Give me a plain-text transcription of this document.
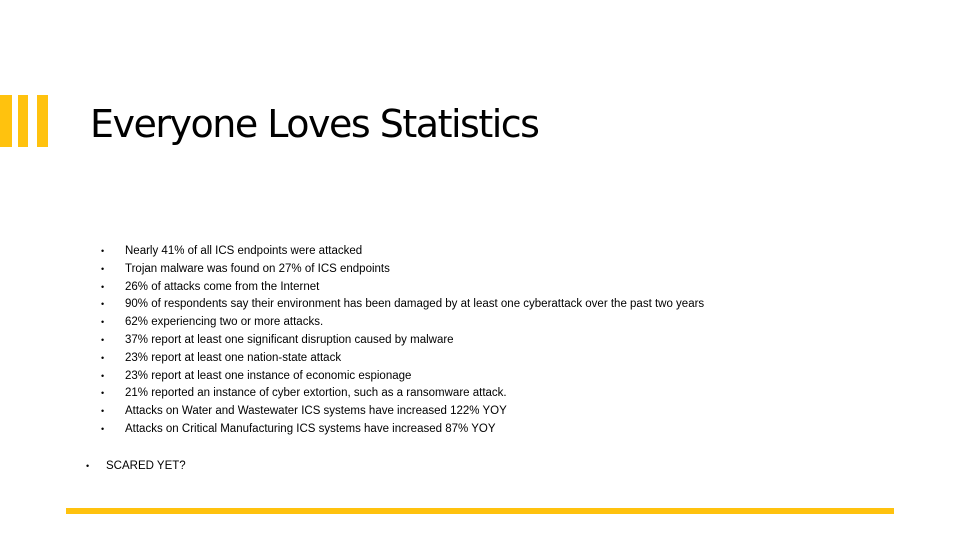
Everyone Loves Statistics
• Nearly 41% of all ICS endpoints were attacked
• Trojan malware was found on 27% of ICS endpoints
• 26% of attacks come from the Internet
• 90% of respondents say their environment has been damaged by at least one cyberattack over the past two years
• 62% experiencing two or more attacks.
• 37% report at least one significant disruption caused by malware
• 23% report at least one nation-state attack
• 23% report at least one instance of economic espionage
• 21% reported an instance of cyber extortion, such as a ransomware attack.
• Attacks on Water and Wastewater ICS systems have increased 122% YOY
• Attacks on Critical Manufacturing ICS systems have increased 87% YOY
• SCARED YET?
